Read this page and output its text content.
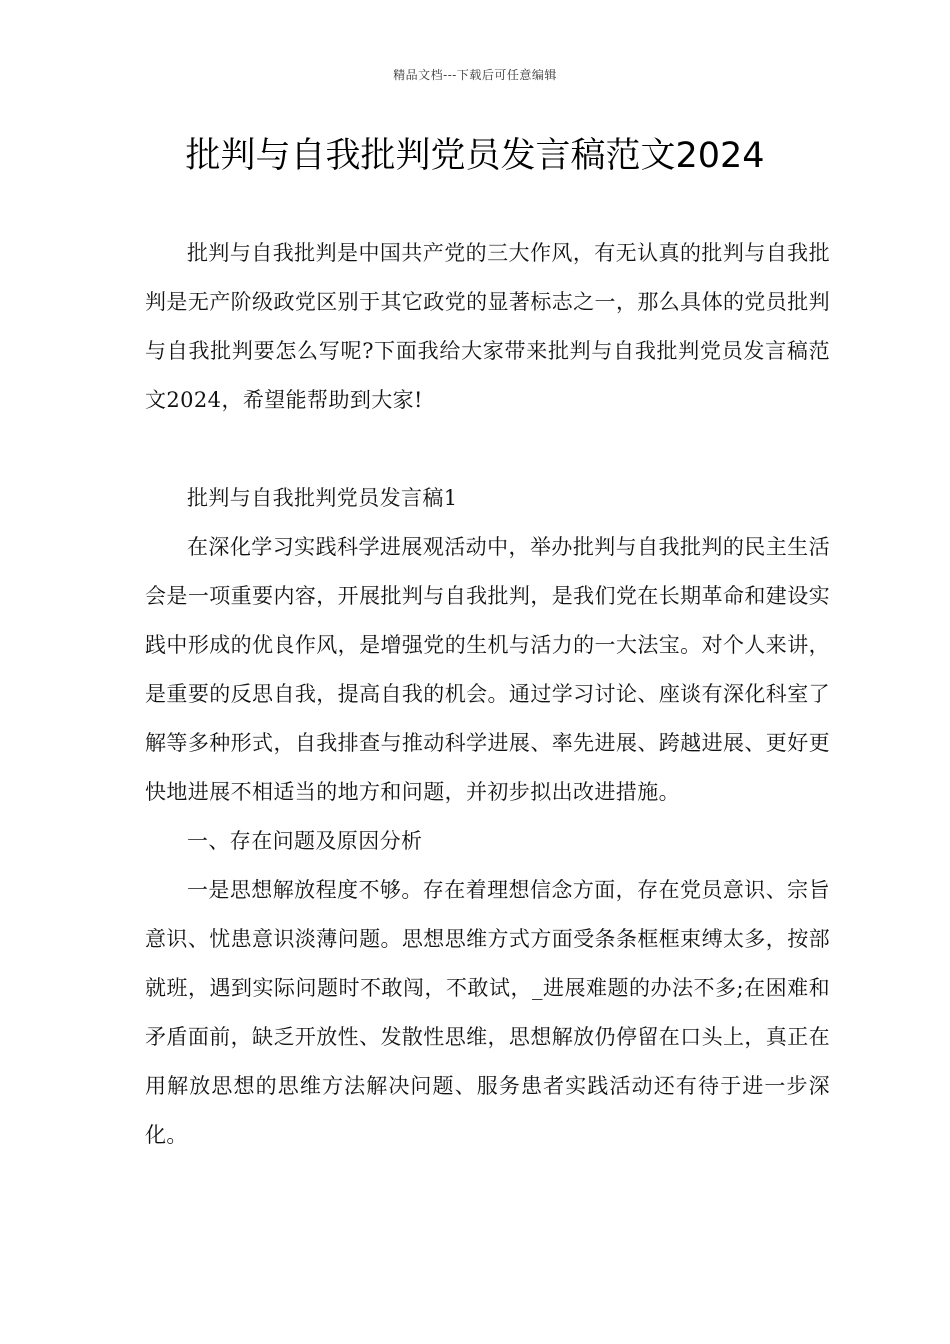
精品文档---下载后可任意编辑
批判与自我批判党员发言稿范文2024

批判与自我批判是中国共产党的三大作风，有无认真的批判与自我批判是无产阶级政党区别于其它政党的显著标志之一，那么具体的党员批判与自我批判要怎么写呢?下面我给大家带来批判与自我批判党员发言稿范文2024，希望能帮助到大家!

批判与自我批判党员发言稿1

在深化学习实践科学进展观活动中，举办批判与自我批判的民主生活会是一项重要内容，开展批判与自我批判，是我们党在长期革命和建设实践中形成的优良作风，是增强党的生机与活力的一大法宝。对个人来讲，是重要的反思自我，提高自我的机会。通过学习讨论、座谈有深化科室了解等多种形式，自我排查与推动科学进展、率先进展、跨越进展、更好更快地进展不相适当的地方和问题，并初步拟出改进措施。

一、存在问题及原因分析

一是思想解放程度不够。存在着理想信念方面，存在党员意识、宗旨意识、忧患意识淡薄问题。思想思维方式方面受条条框框束缚太多，按部就班，遇到实际问题时不敢闯，不敢试，_进展难题的办法不多;在困难和矛盾面前，缺乏开放性、发散性思维，思想解放仍停留在口头上，真正在用解放思想的思维方法解决问题、服务患者实践活动还有待于进一步深化。
